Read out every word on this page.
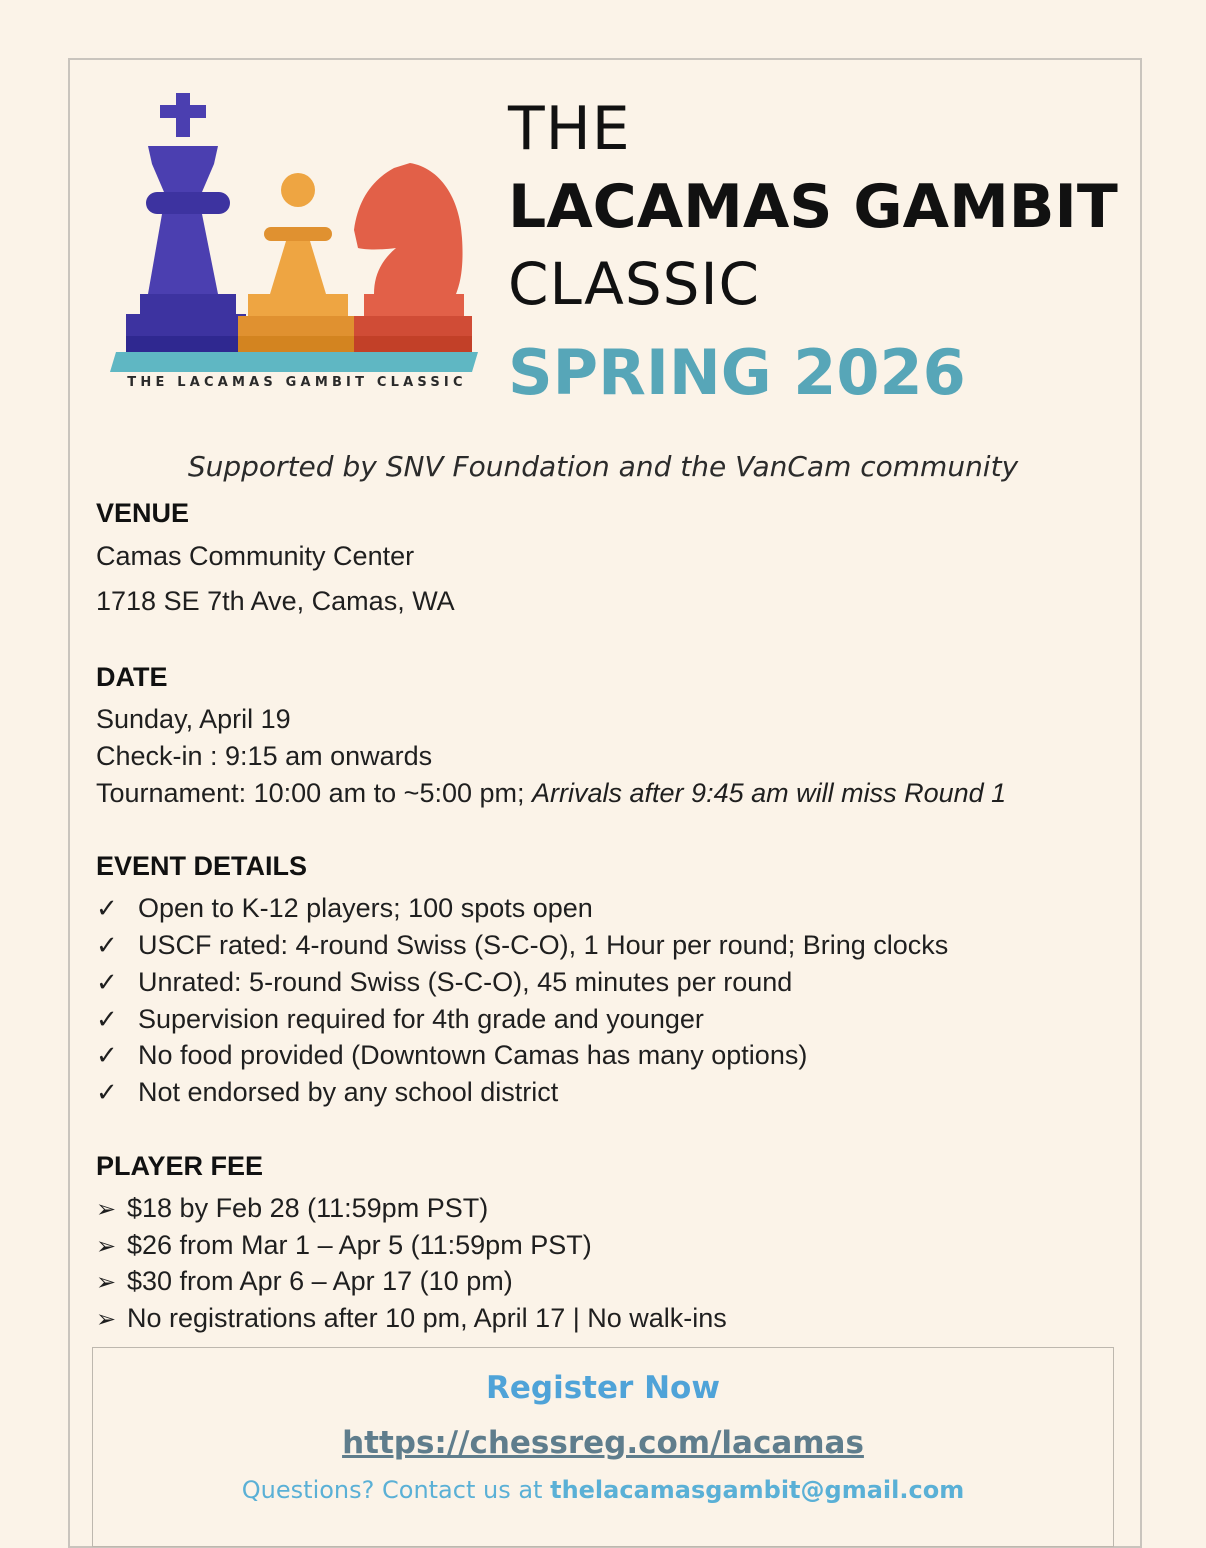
THE LACAMAS GAMBIT CLASSIC
THE
LACAMAS GAMBIT
CLASSIC
SPRING 2026
Supported by SNV Foundation and the VanCam community
VENUE
Camas Community Center
1718 SE 7th Ave, Camas, WA
DATE
Sunday, April 19
Check-in : 9:15 am onwards
Tournament: 10:00 am to ~5:00 pm; Arrivals after 9:45 am will miss Round 1
EVENT DETAILS
✓ Open to K-12 players; 100 spots open
✓ USCF rated: 4-round Swiss (S-C-O), 1 Hour per round; Bring clocks
✓ Unrated: 5-round Swiss (S-C-O), 45 minutes per round
✓ Supervision required for 4th grade and younger
✓ No food provided (Downtown Camas has many options)
✓ Not endorsed by any school district
PLAYER FEE
➢ $18 by Feb 28 (11:59pm PST)
➢ $26 from Mar 1 – Apr 5 (11:59pm PST)
➢ $30 from Apr 6 – Apr 17 (10 pm)
➢ No registrations after 10 pm, April 17 | No walk-ins
Register Now
https://chessreg.com/lacamas
Questions? Contact us at thelacamasgambit@gmail.com
